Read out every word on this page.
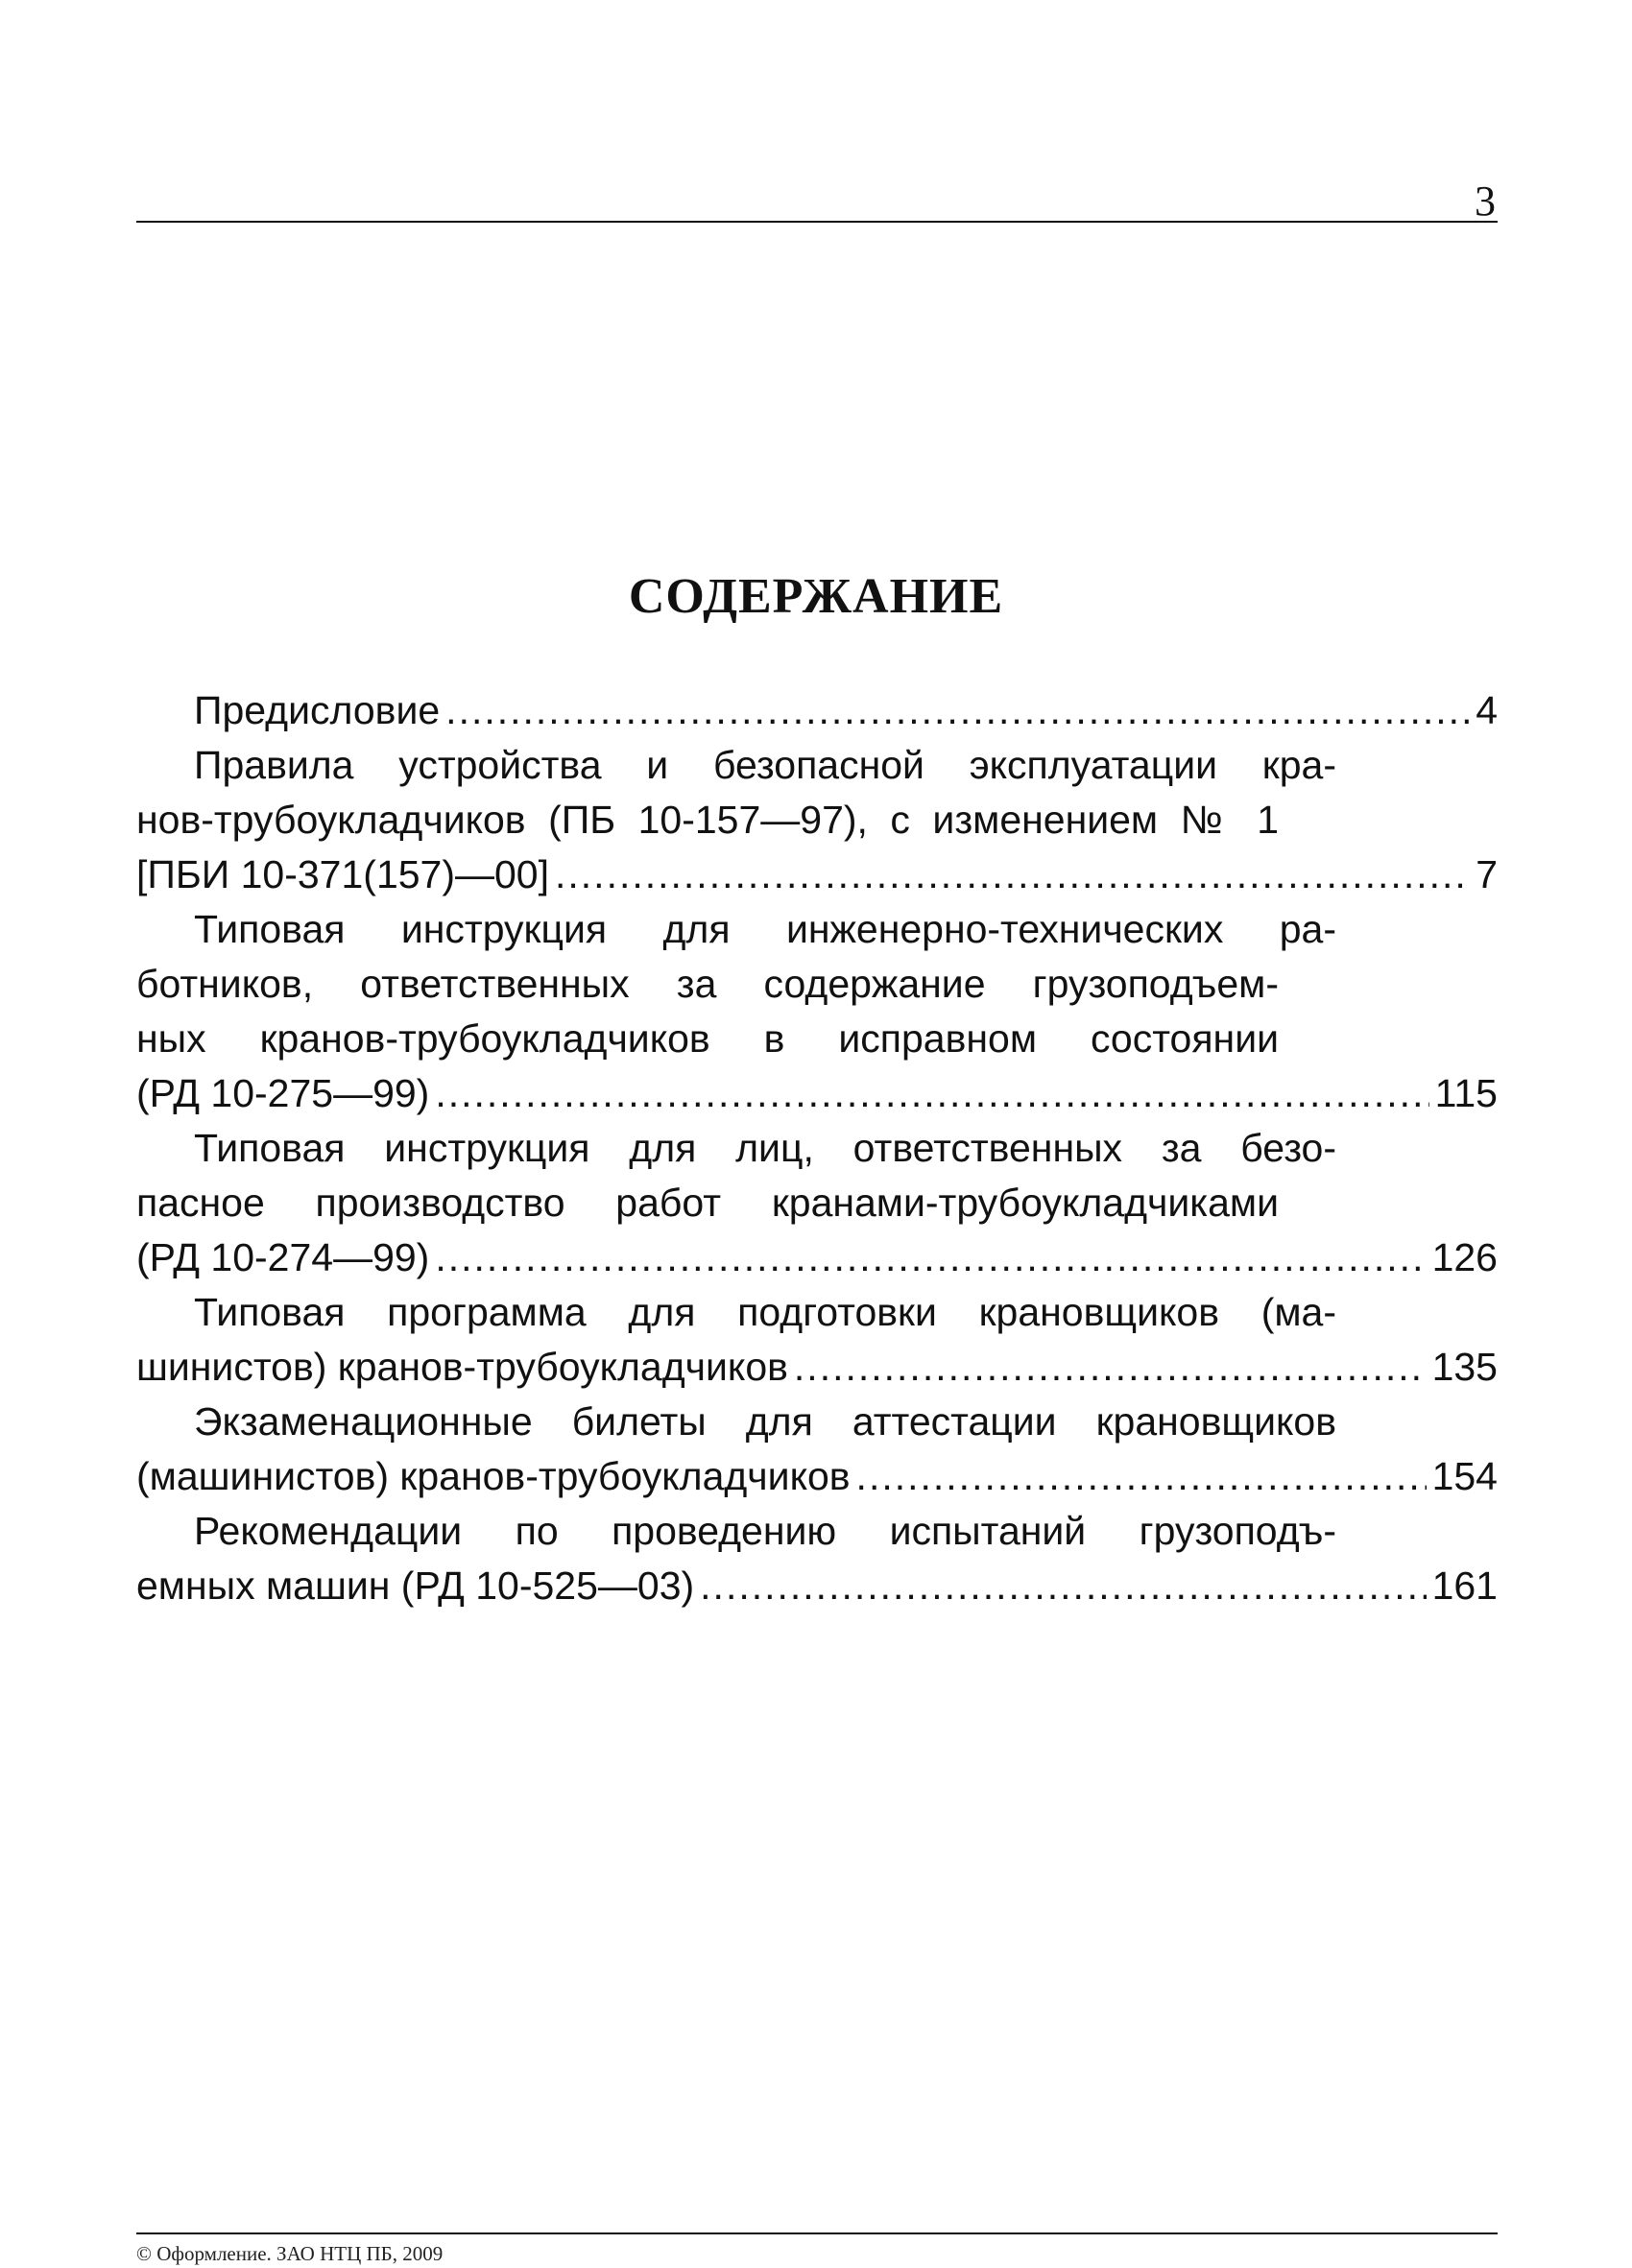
3
СОДЕРЖАНИЕ
Предисловие .....	4
Правила устройства и безопасной эксплуатации кра-
нов-трубоукладчиков (ПБ 10-157—97), с изменением № 1
[ПБИ 10-371(157)—00] .....	7
Типовая инструкция для инженерно-технических ра-
ботников, ответственных за содержание грузоподъем-
ных кранов-трубоукладчиков в исправном состоянии
(РД 10-275—99) .....	115
Типовая инструкция для лиц, ответственных за безо-
пасное производство работ кранами-трубоукладчиками
(РД 10-274—99) .....	126
Типовая программа для подготовки крановщиков (ма-
шинистов) кранов-трубоукладчиков .....	135
Экзаменационные билеты для аттестации крановщиков
(машинистов) кранов-трубоукладчиков .....	154
Рекомендации по проведению испытаний грузоподъ-
емных машин (РД 10-525—03) .....	161
© Оформление. ЗАО НТЦ ПБ, 2009
